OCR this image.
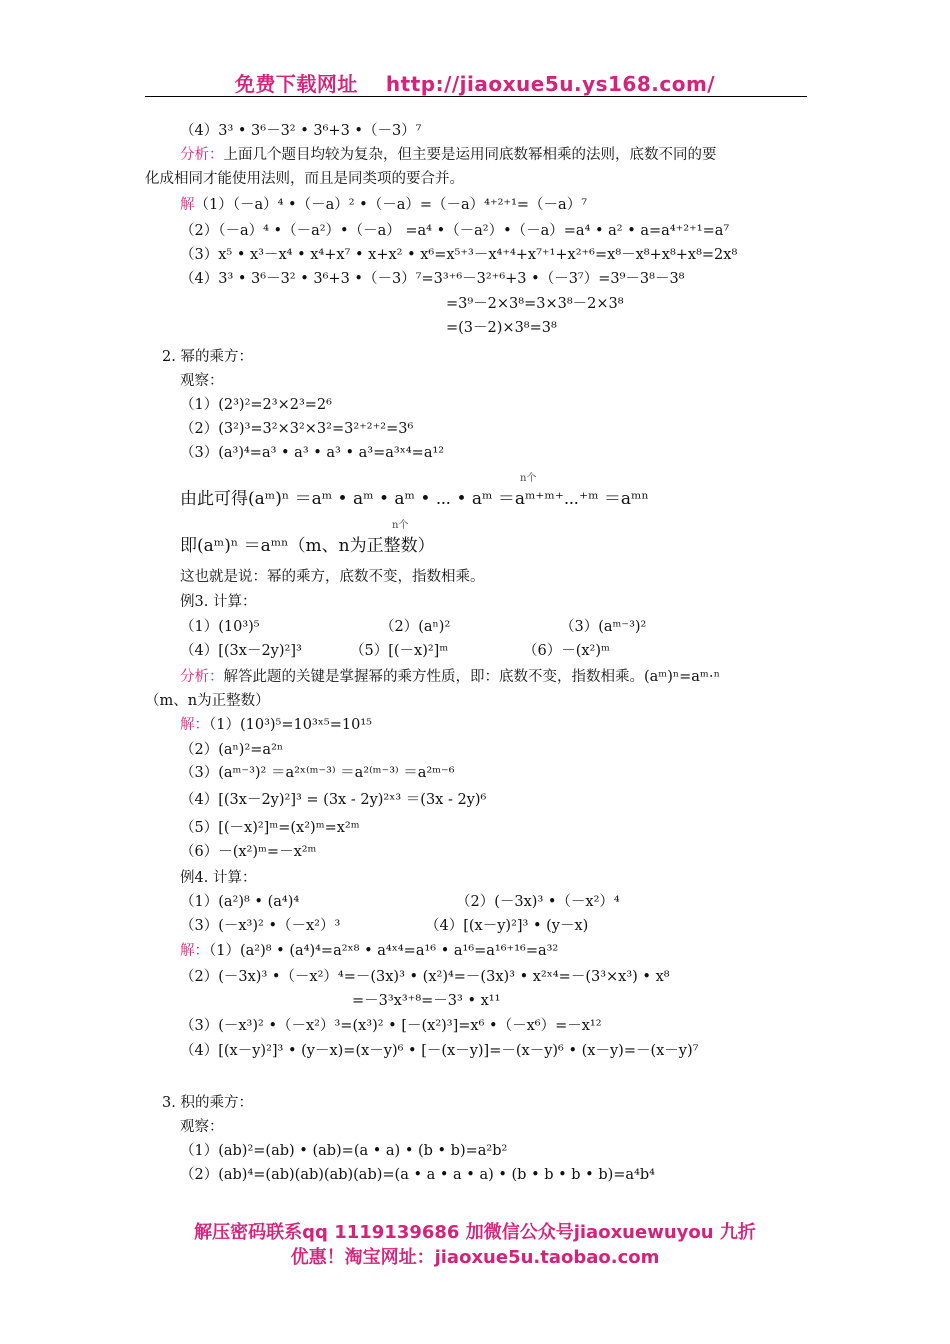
免费下载网址 http://jiaoxue5u.ys168.com/
（4）3³ • 3⁶－3² • 3⁶+3 •（－3）⁷
分析：上面几个题目均较为复杂，但主要是运用同底数幂相乘的法则，底数不同的要
化成相同才能使用法则，而且是同类项的要合并。
解（1）（－a）⁴ •（－a）² •（－a）=（－a）⁴⁺²⁺¹=（－a）⁷
（2）（－a）⁴ •（－a²）•（－a） =a⁴ •（－a²）•（－a）=a⁴ • a² • a=a⁴⁺²⁺¹=a⁷
（3）x⁵ • x³－x⁴ • x⁴+x⁷ • x+x² • x⁶=x⁵⁺³－x⁴⁺⁴+x⁷⁺¹+x²⁺⁶=x⁸－x⁸+x⁸+x⁸=2x⁸
（4）3³ • 3⁶－3² • 3⁶+3 •（－3）⁷=3³⁺⁶－3²⁺⁶+3 •（－3⁷）=3⁹－3⁸－3⁸
=3⁹－2×3⁸=3×3⁸－2×3⁸
=(3－2)×3⁸=3⁸
2. 幂的乘方：
观察：
（1）(2³)²=2³×2³=2⁶
（2）(3²)³=3²×3²×3²=3²⁺²⁺²=3⁶
（3）(a³)⁴=a³ • a³ • a³ • a³=a³ˣ⁴=a¹²
n个
由此可得(aᵐ)ⁿ ＝aᵐ • aᵐ • aᵐ • ⋯ • aᵐ ＝aᵐ⁺ᵐ⁺⋯⁺ᵐ ＝aᵐⁿ
n个
即(aᵐ)ⁿ ＝aᵐⁿ（m、n为正整数）
这也就是说：幂的乘方，底数不变，指数相乘。
例3. 计算：
（1）(10³)⁵	（2）(aⁿ)²	（3）(aᵐ⁻³)²
（4）[(3x－2y)²]³	（5）[(－x)²]ᵐ	（6）－(x²)ᵐ
分析：解答此题的关键是掌握幂的乘方性质，即：底数不变，指数相乘。(aᵐ)ⁿ=aᵐ⋅ⁿ
（m、n为正整数）
解：（1）(10³)⁵=10³ˣ⁵=10¹⁵
（2）(aⁿ)²=a²ⁿ
（3）(aᵐ⁻³)² ＝a²ˣ⁽ᵐ⁻³⁾ ＝a²⁽ᵐ⁻³⁾ ＝a²ᵐ⁻⁶
（4）[(3x－2y)²]³ = (3x - 2y)²ˣ³ ＝(3x - 2y)⁶
（5）[(－x)²]ᵐ=(x²)ᵐ=x²ᵐ
（6）－(x²)ᵐ=－x²ᵐ
例4. 计算：
（1）(a²)⁸ • (a⁴)⁴	（2）(－3x)³ •（－x²）⁴
（3）(－x³)² •（－x²）³	（4）[(x－y)²]³ • (y－x)
解：（1）(a²)⁸ • (a⁴)⁴=a²ˣ⁸ • a⁴ˣ⁴=a¹⁶ • a¹⁶=a¹⁶⁺¹⁶=a³²
（2）(－3x)³ •（－x²）⁴=－(3x)³ • (x²)⁴=－(3x)³ • x²ˣ⁴=－(3³×x³) • x⁸
=－3³x³⁺⁸=－3³ • x¹¹
（3）(－x³)² •（－x²）³=(x³)² • [－(x²)³]=x⁶ •（－x⁶）=－x¹²
（4）[(x－y)²]³ • (y－x)=(x－y)⁶ • [－(x－y)]=－(x－y)⁶ • (x－y)=－(x－y)⁷
3. 积的乘方：
观察：
（1）(ab)²=(ab) • (ab)=(a • a) • (b • b)=a²b²
（2）(ab)⁴=(ab)(ab)(ab)(ab)=(a • a • a • a) • (b • b • b • b)=a⁴b⁴
解压密码联系qq 1119139686 加微信公众号jiaoxuewuyou 九折
优惠！淘宝网址：jiaoxue5u.taobao.com
